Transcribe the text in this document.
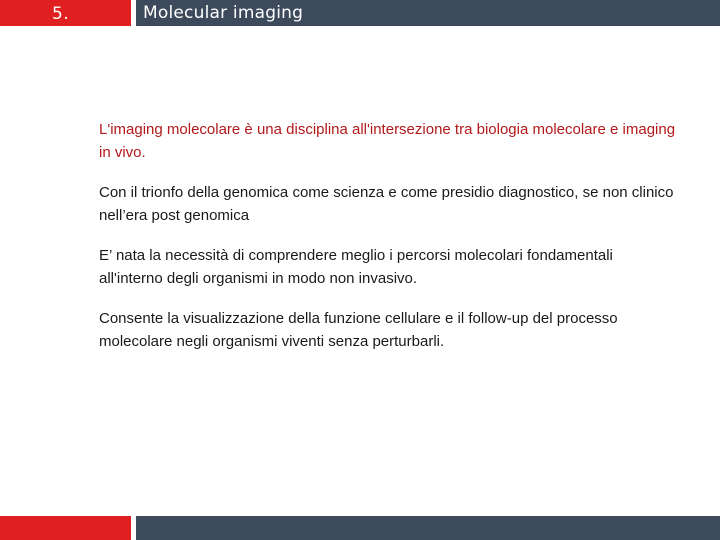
5.	Molecular imaging

L'imaging molecolare è una disciplina all'intersezione tra biologia molecolare e imaging in vivo.

Con il trionfo della genomica come scienza e come presidio diagnostico, se non clinico nell’era post genomica

E’ nata la necessità di comprendere meglio i percorsi molecolari fondamentali all'interno degli organismi in modo non invasivo.

Consente la visualizzazione della funzione cellulare e il follow-up del processo molecolare negli organismi viventi senza perturbarli.
